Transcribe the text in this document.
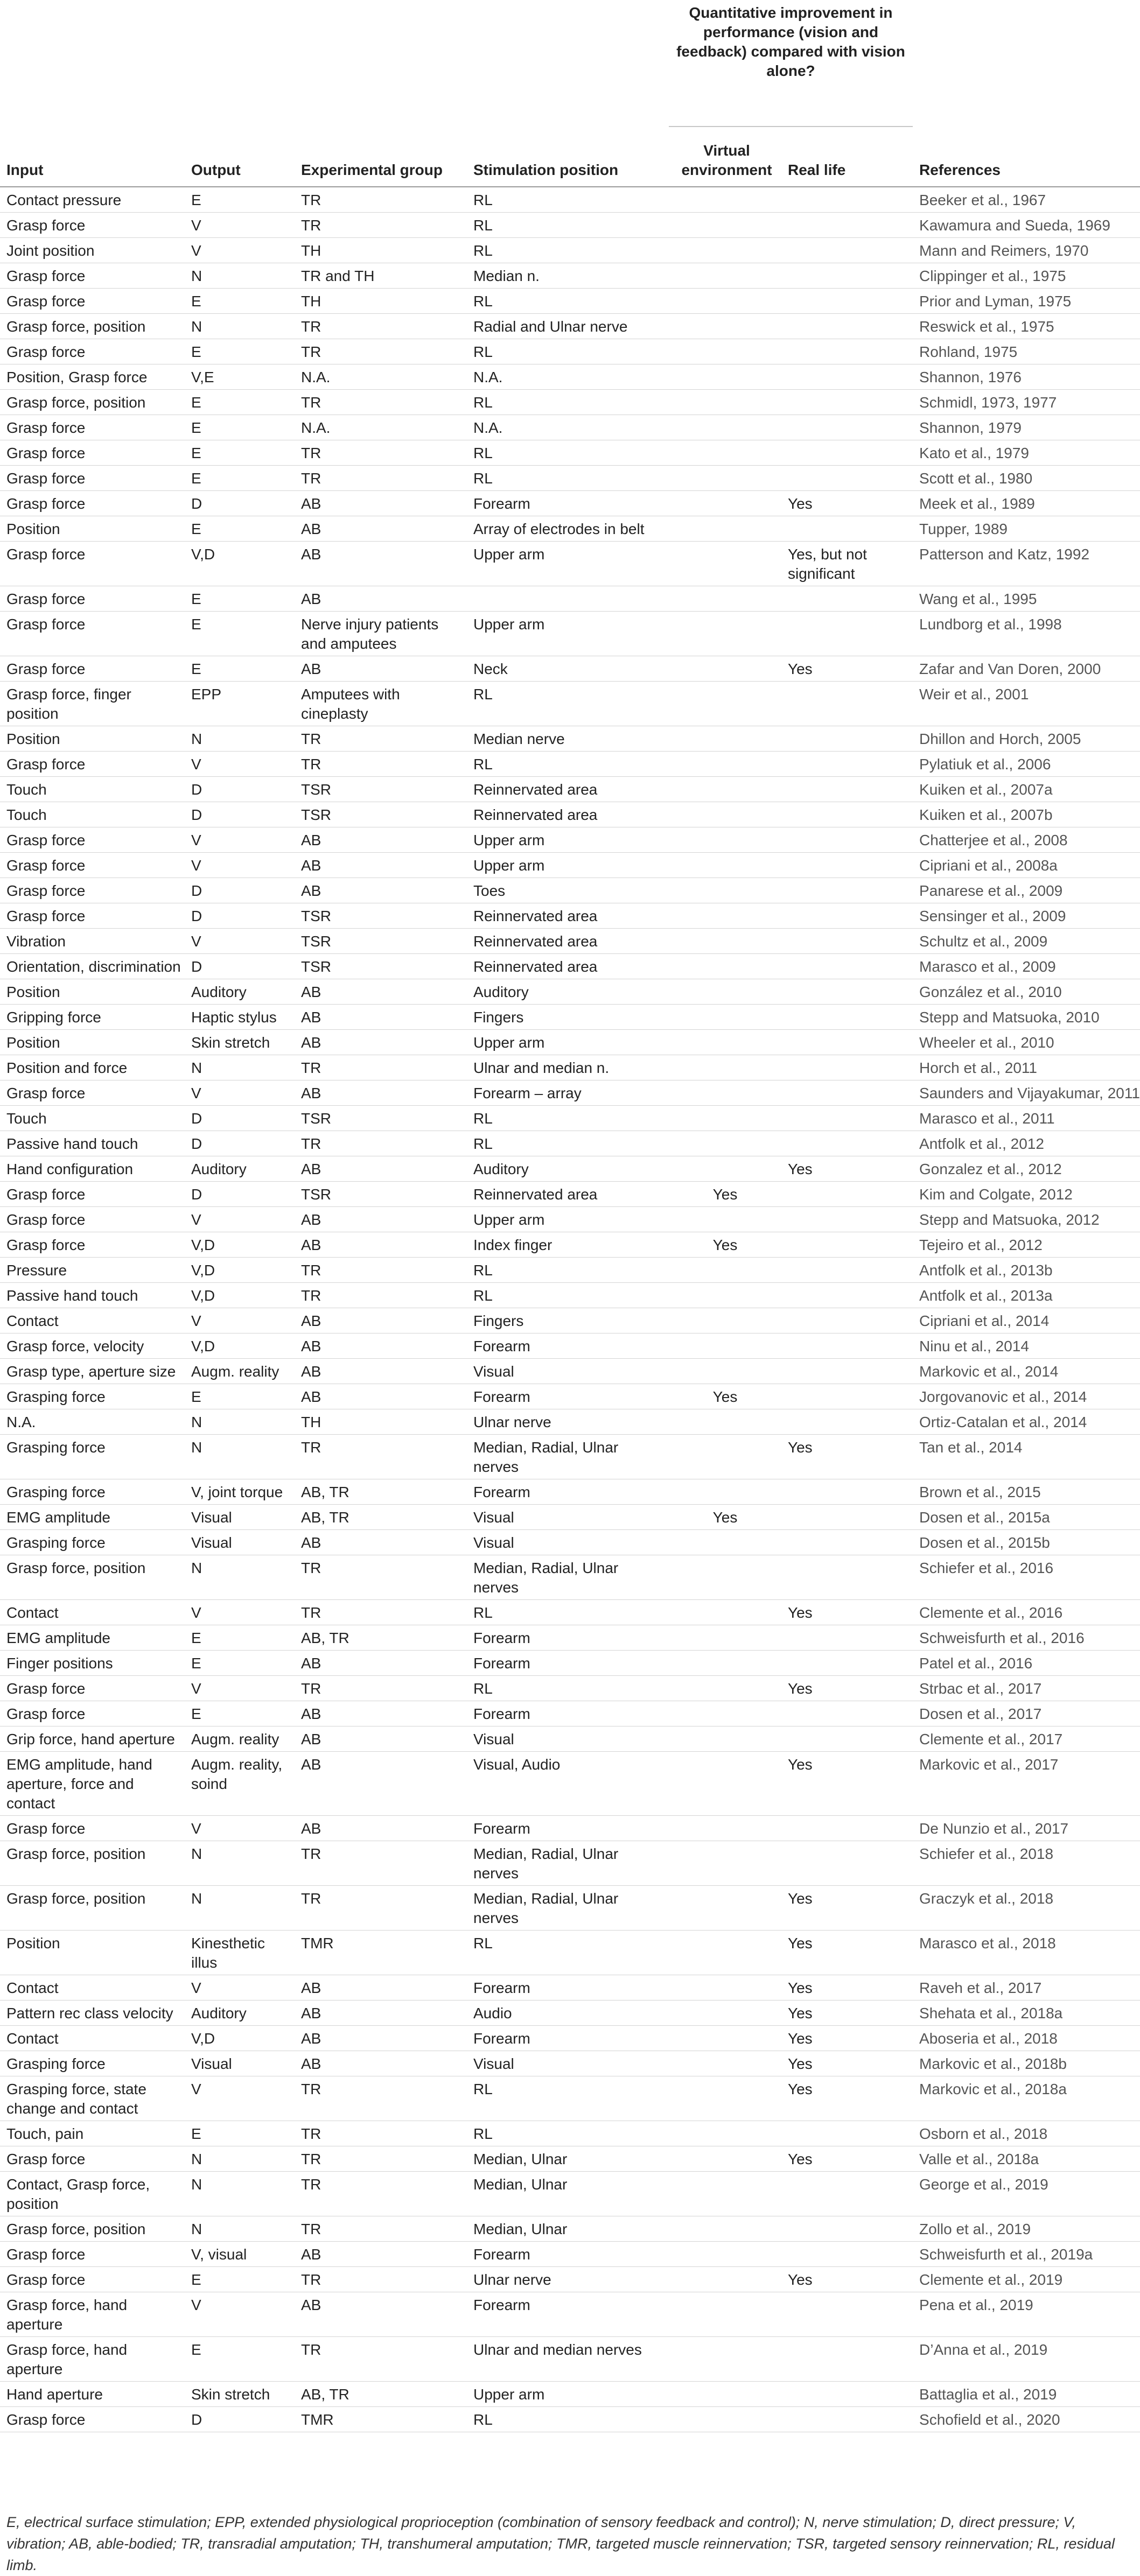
Input	Output	Experimental group	Stimulation position	Quantitative improvement in performance (vision and feedback) compared with vision alone?		References
				Virtual environment	Real life	
Contact pressure	E	TR	RL			Beeker et al., 1967
Grasp force	V	TR	RL			Kawamura and Sueda, 1969
Joint position	V	TH	RL			Mann and Reimers, 1970
Grasp force	N	TR and TH	Median n.			Clippinger et al., 1975
Grasp force	E	TH	RL			Prior and Lyman, 1975
Grasp force, position	N	TR	Radial and Ulnar nerve			Reswick et al., 1975
Grasp force	E	TR	RL			Rohland, 1975
Position, Grasp force	V,E	N.A.	N.A.			Shannon, 1976
Grasp force, position	E	TR	RL			Schmidl, 1973, 1977
Grasp force	E	N.A.	N.A.			Shannon, 1979
Grasp force	E	TR	RL			Kato et al., 1979
Grasp force	E	TR	RL			Scott et al., 1980
Grasp force	D	AB	Forearm		Yes	Meek et al., 1989
Position	E	AB	Array of electrodes in belt			Tupper, 1989
Grasp force	V,D	AB	Upper arm		Yes, but not significant	Patterson and Katz, 1992
Grasp force	E	AB				Wang et al., 1995
Grasp force	E	Nerve injury patients and amputees	Upper arm			Lundborg et al., 1998
Grasp force	E	AB	Neck		Yes	Zafar and Van Doren, 2000
Grasp force, finger position	EPP	Amputees with cineplasty	RL			Weir et al., 2001
Position	N	TR	Median nerve			Dhillon and Horch, 2005
Grasp force	V	TR	RL			Pylatiuk et al., 2006
Touch	D	TSR	Reinnervated area			Kuiken et al., 2007a
Touch	D	TSR	Reinnervated area			Kuiken et al., 2007b
Grasp force	V	AB	Upper arm			Chatterjee et al., 2008
Grasp force	V	AB	Upper arm			Cipriani et al., 2008a
Grasp force	D	AB	Toes			Panarese et al., 2009
Grasp force	D	TSR	Reinnervated area			Sensinger et al., 2009
Vibration	V	TSR	Reinnervated area			Schultz et al., 2009
Orientation, discrimination	D	TSR	Reinnervated area			Marasco et al., 2009
Position	Auditory	AB	Auditory			González et al., 2010
Gripping force	Haptic stylus	AB	Fingers			Stepp and Matsuoka, 2010
Position	Skin stretch	AB	Upper arm			Wheeler et al., 2010
Position and force	N	TR	Ulnar and median n.			Horch et al., 2011
Grasp force	V	AB	Forearm – array			Saunders and Vijayakumar, 2011
Touch	D	TSR	RL			Marasco et al., 2011
Passive hand touch	D	TR	RL			Antfolk et al., 2012
Hand configuration	Auditory	AB	Auditory		Yes	Gonzalez et al., 2012
Grasp force	D	TSR	Reinnervated area	Yes		Kim and Colgate, 2012
Grasp force	V	AB	Upper arm			Stepp and Matsuoka, 2012
Grasp force	V,D	AB	Index finger	Yes		Tejeiro et al., 2012
Pressure	V,D	TR	RL			Antfolk et al., 2013b
Passive hand touch	V,D	TR	RL			Antfolk et al., 2013a
Contact	V	AB	Fingers			Cipriani et al., 2014
Grasp force, velocity	V,D	AB	Forearm			Ninu et al., 2014
Grasp type, aperture size	Augm. reality	AB	Visual			Markovic et al., 2014
Grasping force	E	AB	Forearm	Yes		Jorgovanovic et al., 2014
N.A.	N	TH	Ulnar nerve			Ortiz-Catalan et al., 2014
Grasping force	N	TR	Median, Radial, Ulnar nerves		Yes	Tan et al., 2014
Grasping force	V, joint torque	AB, TR	Forearm			Brown et al., 2015
EMG amplitude	Visual	AB, TR	Visual	Yes		Dosen et al., 2015a
Grasping force	Visual	AB	Visual			Dosen et al., 2015b
Grasp force, position	N	TR	Median, Radial, Ulnar nerves			Schiefer et al., 2016
Contact	V	TR	RL		Yes	Clemente et al., 2016
EMG amplitude	E	AB, TR	Forearm			Schweisfurth et al., 2016
Finger positions	E	AB	Forearm			Patel et al., 2016
Grasp force	V	TR	RL		Yes	Strbac et al., 2017
Grasp force	E	AB	Forearm			Dosen et al., 2017
Grip force, hand aperture	Augm. reality	AB	Visual			Clemente et al., 2017
EMG amplitude, hand aperture, force and contact	Augm. reality, soind	AB	Visual, Audio		Yes	Markovic et al., 2017
Grasp force	V	AB	Forearm			De Nunzio et al., 2017
Grasp force, position	N	TR	Median, Radial, Ulnar nerves			Schiefer et al., 2018
Grasp force, position	N	TR	Median, Radial, Ulnar nerves		Yes	Graczyk et al., 2018
Position	Kinesthetic illus	TMR	RL		Yes	Marasco et al., 2018
Contact	V	AB	Forearm		Yes	Raveh et al., 2017
Pattern rec class velocity	Auditory	AB	Audio		Yes	Shehata et al., 2018a
Contact	V,D	AB	Forearm		Yes	Aboseria et al., 2018
Grasping force	Visual	AB	Visual		Yes	Markovic et al., 2018b
Grasping force, state change and contact	V	TR	RL		Yes	Markovic et al., 2018a
Touch, pain	E	TR	RL			Osborn et al., 2018
Grasp force	N	TR	Median, Ulnar		Yes	Valle et al., 2018a
Contact, Grasp force, position	N	TR	Median, Ulnar			George et al., 2019
Grasp force, position	N	TR	Median, Ulnar			Zollo et al., 2019
Grasp force	V, visual	AB	Forearm			Schweisfurth et al., 2019a
Grasp force	E	TR	Ulnar nerve		Yes	Clemente et al., 2019
Grasp force, hand aperture	V	AB	Forearm			Pena et al., 2019
Grasp force, hand aperture	E	TR	Ulnar and median nerves			D’Anna et al., 2019
Hand aperture	Skin stretch	AB, TR	Upper arm			Battaglia et al., 2019
Grasp force	D	TMR	RL			Schofield et al., 2020
E, electrical surface stimulation; EPP, extended physiological proprioception (combination of sensory feedback and control); N, nerve stimulation; D, direct pressure; V, vibration; AB, able-bodied; TR, transradial amputation; TH, transhumeral amputation; TMR, targeted muscle reinnervation; TSR, targeted sensory reinnervation; RL, residual limb.
